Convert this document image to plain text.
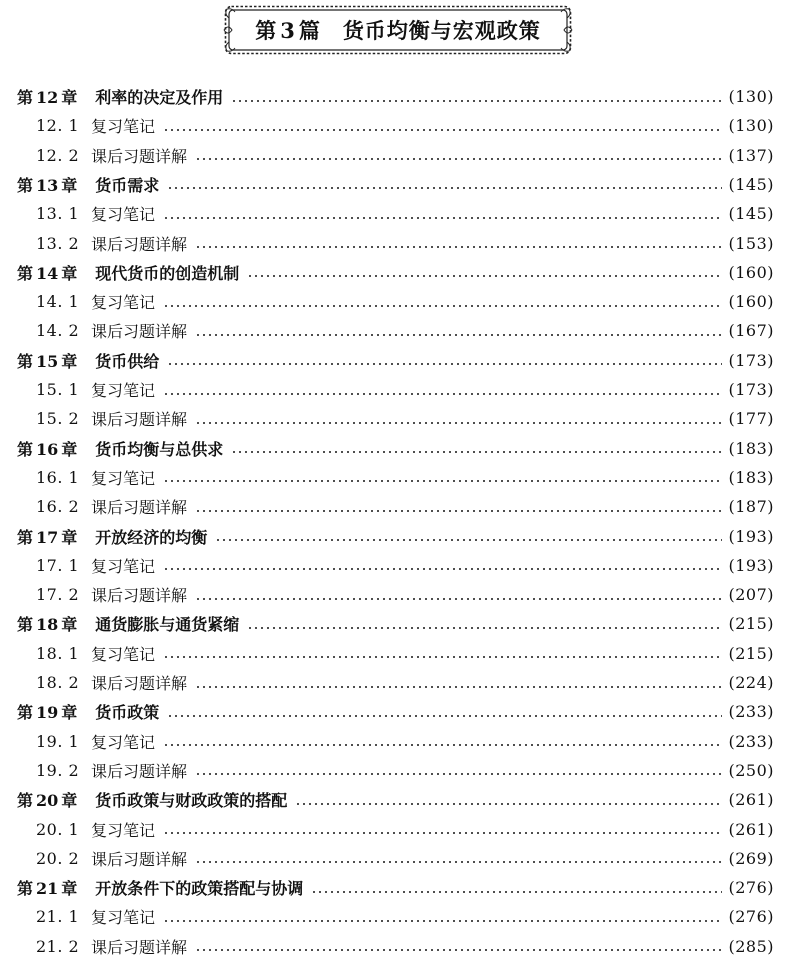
第 3 篇 货币均衡与宏观政策
第 12 章 利率的决定及作用	(130)
12. 1 复习笔记	(130)
12. 2 课后习题详解	(137)
第 13 章 货币需求	(145)
13. 1 复习笔记	(145)
13. 2 课后习题详解	(153)
第 14 章 现代货币的创造机制	(160)
14. 1 复习笔记	(160)
14. 2 课后习题详解	(167)
第 15 章 货币供给	(173)
15. 1 复习笔记	(173)
15. 2 课后习题详解	(177)
第 16 章 货币均衡与总供求	(183)
16. 1 复习笔记	(183)
16. 2 课后习题详解	(187)
第 17 章 开放经济的均衡	(193)
17. 1 复习笔记	(193)
17. 2 课后习题详解	(207)
第 18 章 通货膨胀与通货紧缩	(215)
18. 1 复习笔记	(215)
18. 2 课后习题详解	(224)
第 19 章 货币政策	(233)
19. 1 复习笔记	(233)
19. 2 课后习题详解	(250)
第 20 章 货币政策与财政政策的搭配	(261)
20. 1 复习笔记	(261)
20. 2 课后习题详解	(269)
第 21 章 开放条件下的政策搭配与协调	(276)
21. 1 复习笔记	(276)
21. 2 课后习题详解	(285)
